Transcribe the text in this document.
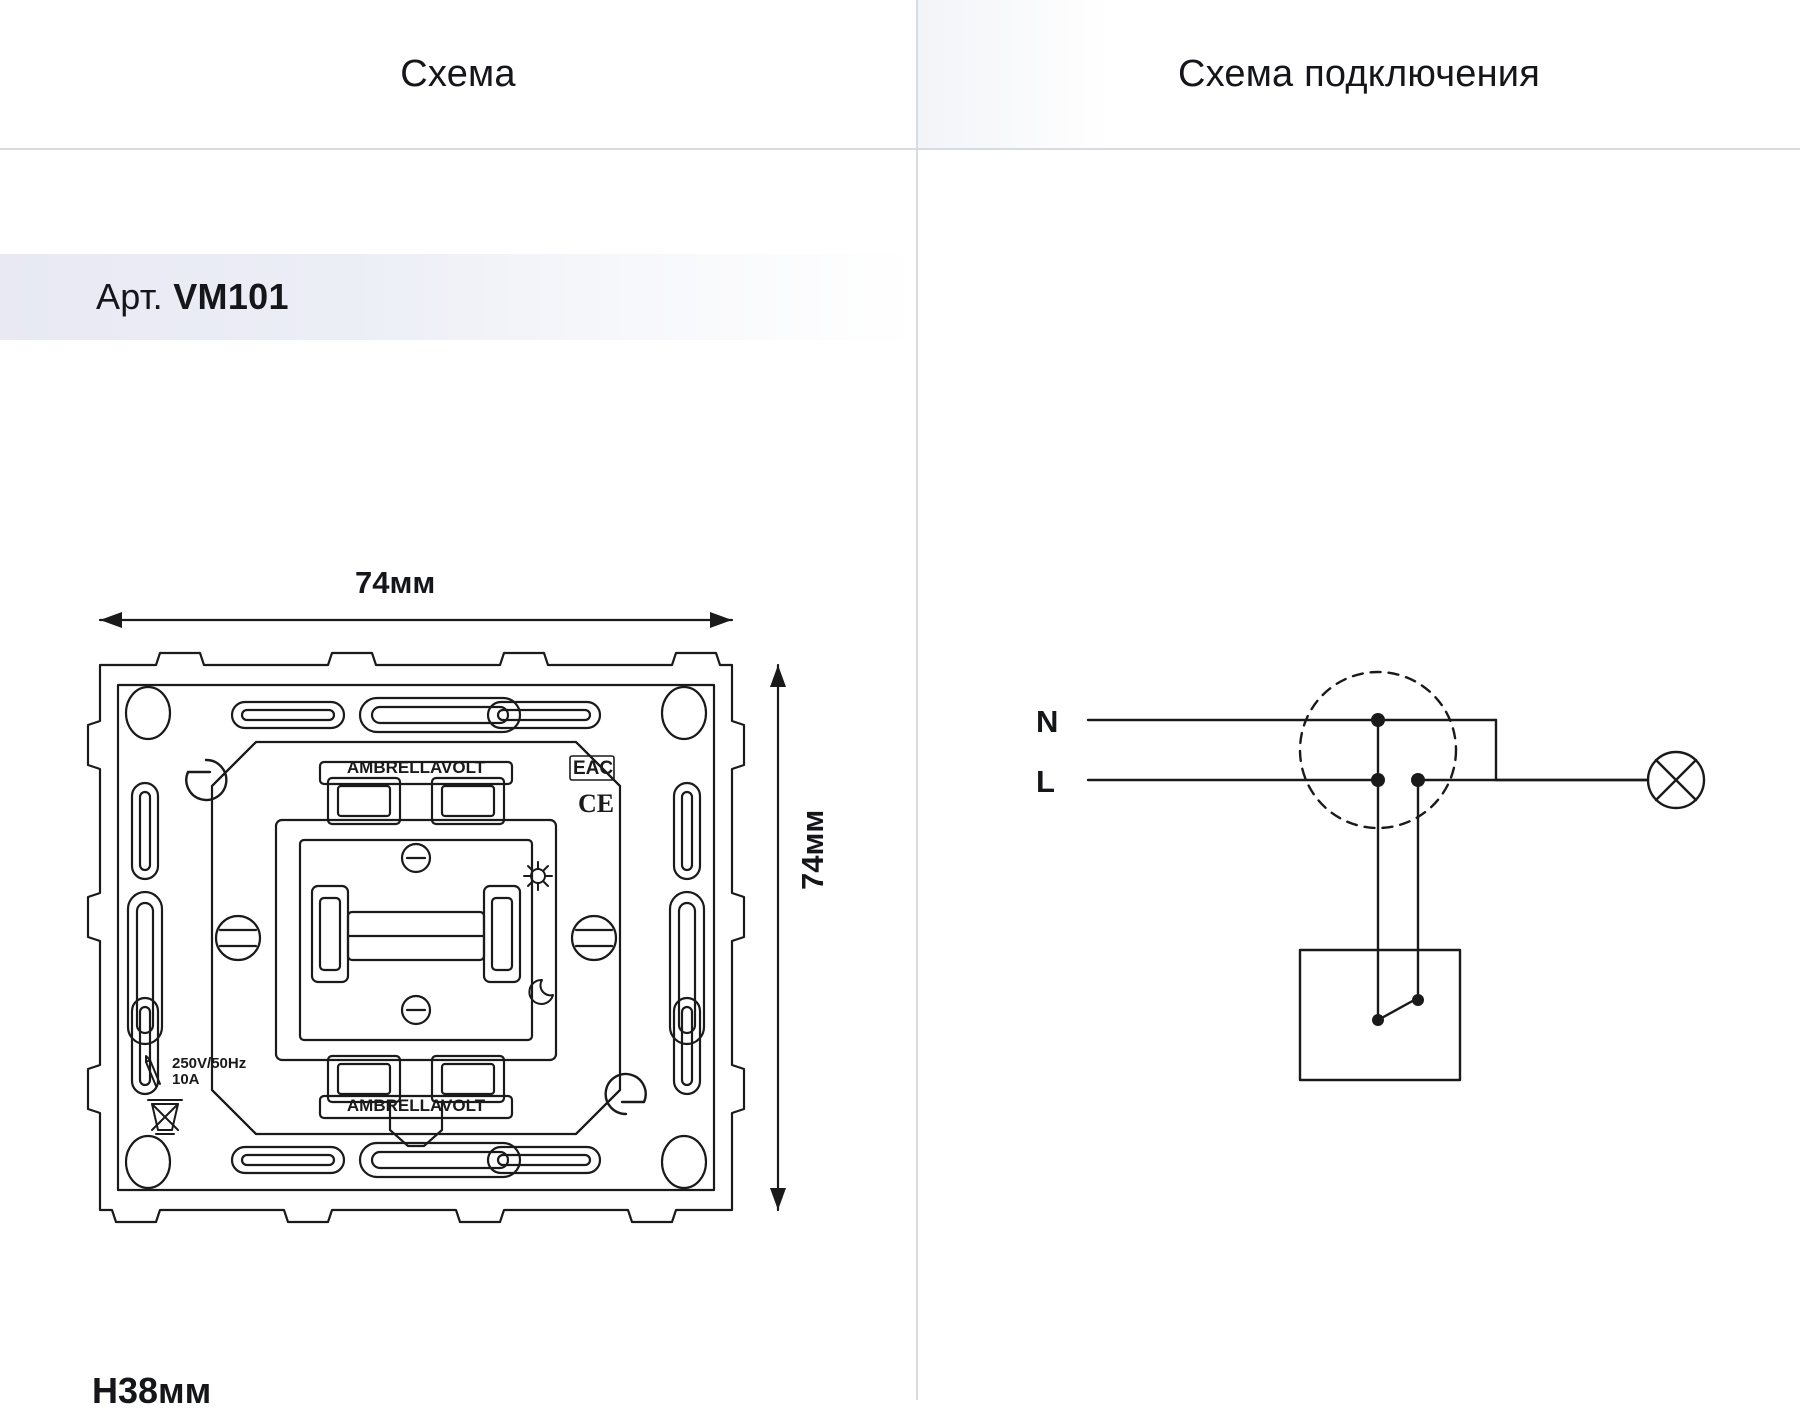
Схема	Схема подключения
Арт. VM101
74мм
74мм
H38мм
AMBRELLAVOLT
AMBRELLAVOLT
EAC
CE
250V/50Hz
10A
N
L
